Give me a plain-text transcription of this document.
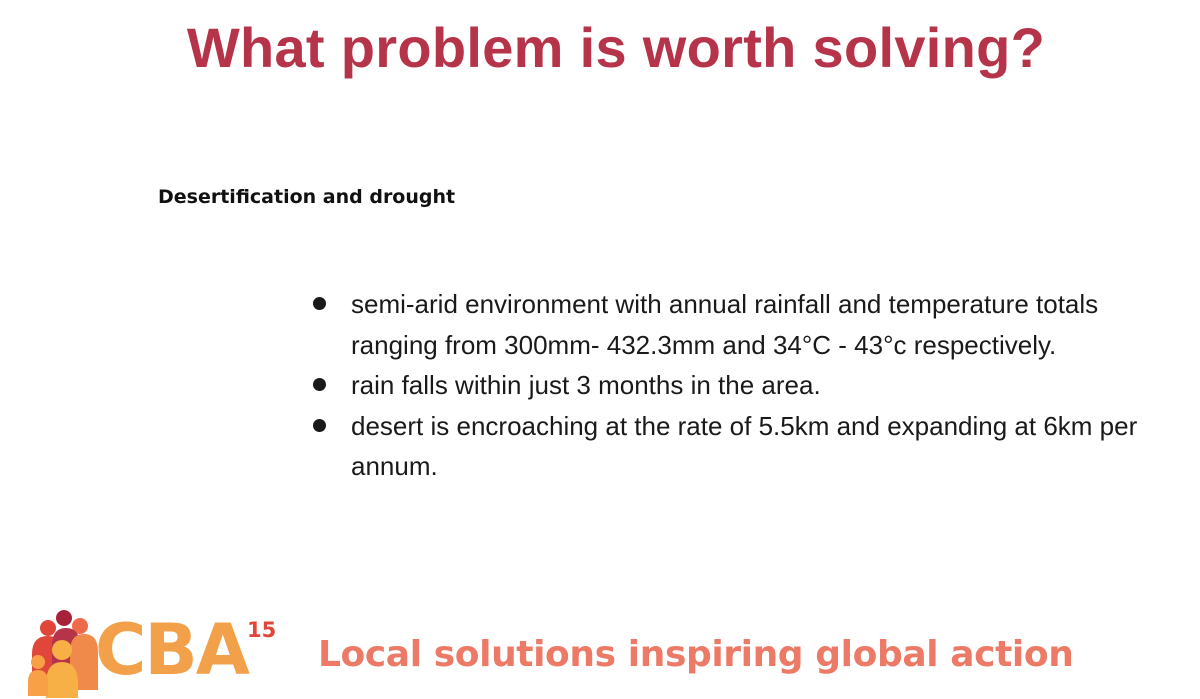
What problem is worth solving?

Desertification and drought

semi-arid environment with annual rainfall and temperature totals ranging from 300mm- 432.3mm and 34°C - 43°c respectively.
rain falls within just 3 months in the area.
desert is encroaching at the rate of 5.5km and expanding at 6km per annum.

CBA 15

Local solutions inspiring global action
